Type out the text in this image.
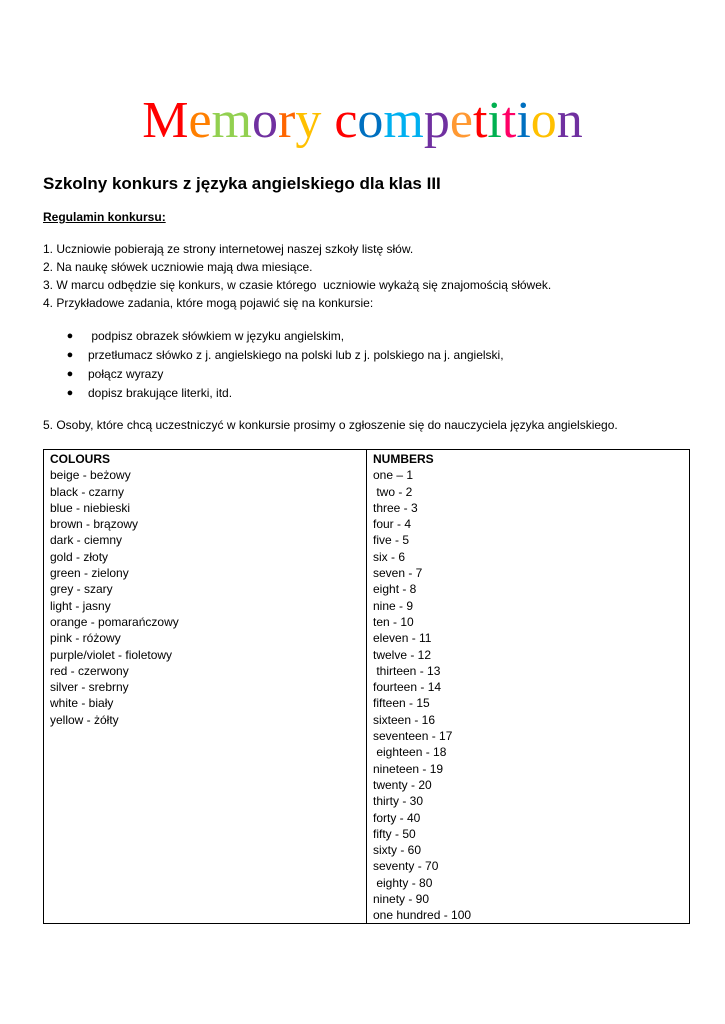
Memory competition
Szkolny konkurs z języka angielskiego dla klas III
Regulamin konkursu:
1. Uczniowie pobierają ze strony internetowej naszej szkoły listę słów.
2. Na naukę słówek uczniowie mają dwa miesiące.
3. W marcu odbędzie się konkurs, w czasie którego  uczniowie wykażą się znajomością słówek.
4. Przykładowe zadania, które mogą pojawić się na konkursie:

●

podpisz obrazek słówkiem w języku angielskim,

●

przetłumacz słówko z j. angielskiego na polski lub z j. polskiego na j. angielski,

●

połącz wyrazy

●

dopisz brakujące literki, itd.

5. Osoby, które chcą uczestniczyć w konkursie prosimy o zgłoszenie się do nauczyciela języka angielskiego.
COLOURS
beige - beżowy
black - czarny
blue - niebieski
brown - brązowy
dark - ciemny
gold - złoty
green - zielony
grey - szary
light - jasny
orange - pomarańczowy
pink - różowy
purple/violet - fioletowy
red - czerwony
silver - srebrny
white - biały
yellow - żółty
NUMBERS
one – 1
two - 2
three - 3
four - 4
five - 5
six - 6
seven - 7
eight - 8
nine - 9
ten - 10
eleven - 11
twelve - 12
thirteen - 13
fourteen - 14
fifteen - 15
sixteen - 16
seventeen - 17
eighteen - 18
nineteen - 19
twenty - 20
thirty - 30
forty - 40
fifty - 50
sixty - 60
seventy - 70
eighty - 80
ninety - 90
one hundred - 100
